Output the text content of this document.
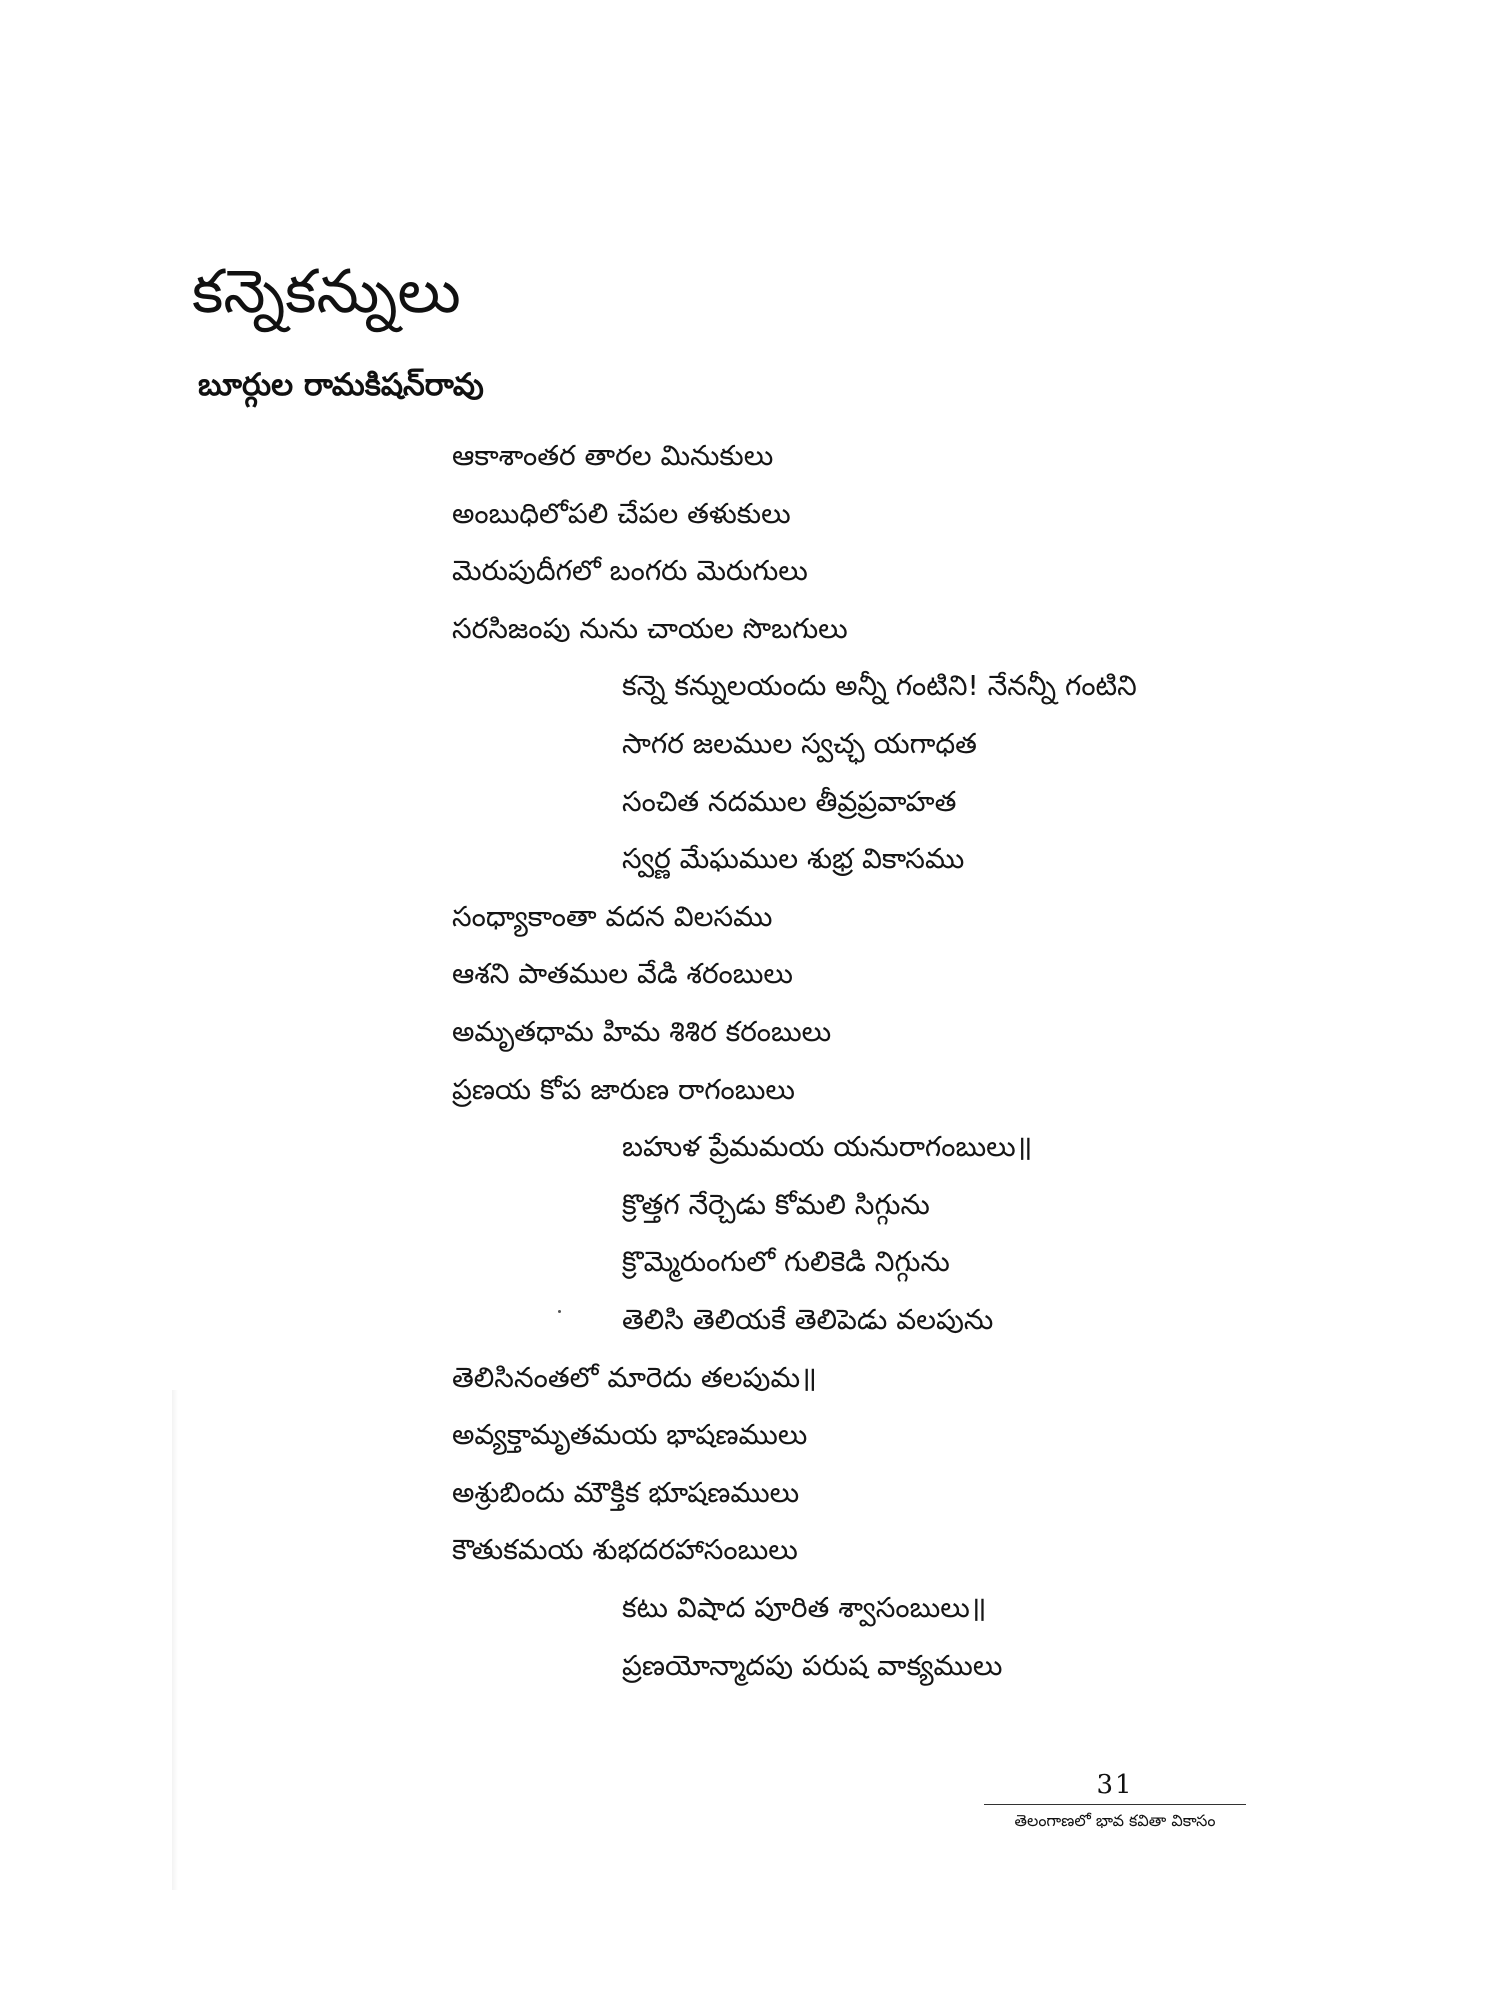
కన్నెకన్నులు
బూర్గుల రామకిషన్‌రావు
ఆకాశాంతర తారల మినుకులు
అంబుధిలోపలి చేపల తళుకులు
మెరుపుదీగలో బంగరు మెరుగులు
సరసిజంపు నును చాయల సొబగులు
కన్నె కన్నులయందు అన్నీ గంటిని! నేనన్నీ గంటిని
సాగర జలముల స్వచ్ఛ యగాధత
సంచిత నదముల తీవ్రప్రవాహత
స్వర్ణ మేఘముల శుభ్ర వికాసము
సంధ్యాకాంతా వదన విలసము
ఆశని పాతముల వేడి శరంబులు
అమృతధామ హిమ శిశిర కరంబులు
ప్రణయ కోప జారుణ రాగంబులు
బహుళ ప్రేమమయ యనురాగంబులు॥
క్రొత్తగ నేర్చెడు కోమలి సిగ్గును
క్రొమ్మెరుంగులో గులికెడి నిగ్గును
తెలిసి తెలియకే తెలిపెడు వలపును
తెలిసినంతలో మారెదు తలపుమ॥
అవ్యక్తామృతమయ భాషణములు
అశ్రుబిందు మౌక్తిక భూషణములు
కౌతుకమయ శుభదరహాసంబులు
కటు విషాద పూరిత శ్వాసంబులు॥
ప్రణయోన్మాదపు పరుష వాక్యములు
31
తెలంగాణలో భావ కవితా వికాసం
